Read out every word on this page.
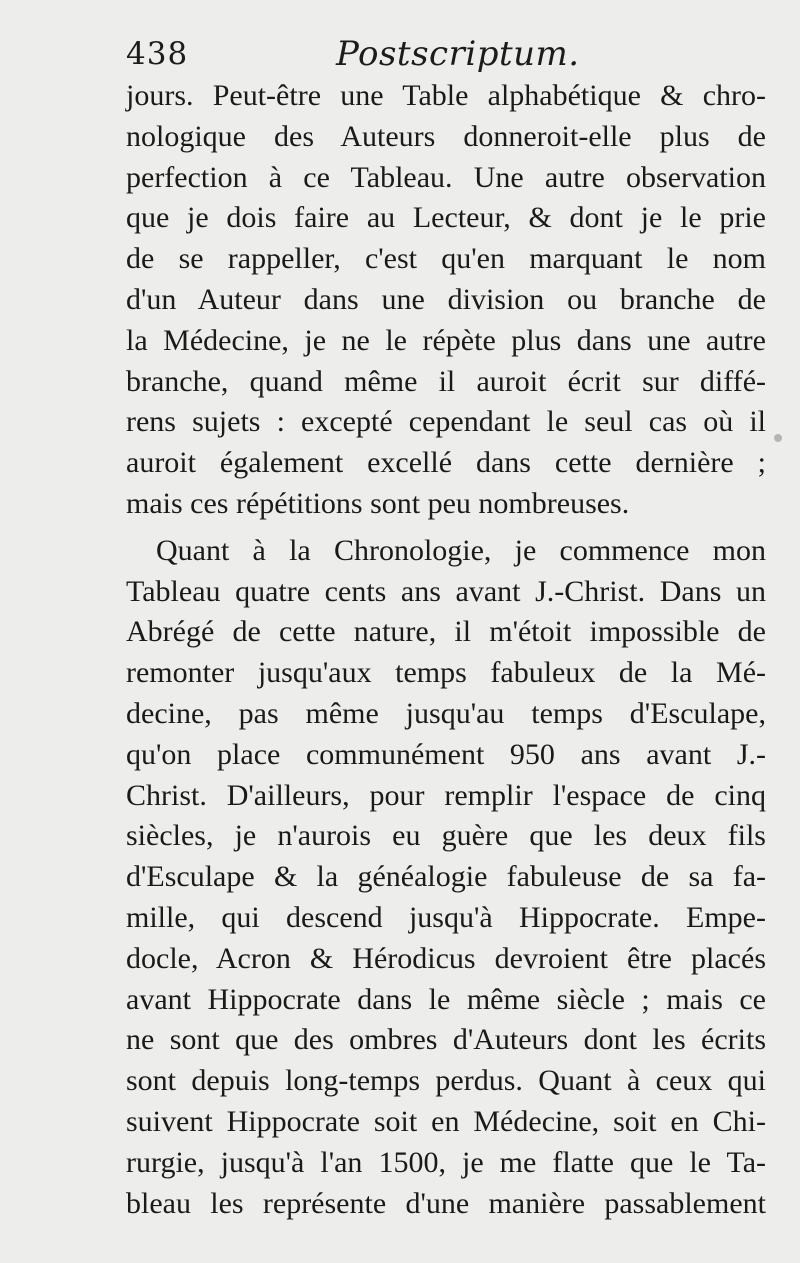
438	Postscriptum.
jours. Peut-être une Table alphabétique & chro-
nologique des Auteurs donneroit-elle plus de
perfection à ce Tableau. Une autre observation
que je dois faire au Lecteur, & dont je le prie
de se rappeller, c'est qu'en marquant le nom
d'un Auteur dans une division ou branche de
la Médecine, je ne le répète plus dans une autre
branche, quand même il auroit écrit sur diffé-
rens sujets : excepté cependant le seul cas où il
auroit également excellé dans cette dernière ;
mais ces répétitions sont peu nombreuses.
Quant à la Chronologie, je commence mon
Tableau quatre cents ans avant J.-Christ. Dans un
Abrégé de cette nature, il m'étoit impossible de
remonter jusqu'aux temps fabuleux de la Mé-
decine, pas même jusqu'au temps d'Esculape,
qu'on place communément 950 ans avant J.-
Christ. D'ailleurs, pour remplir l'espace de cinq
siècles, je n'aurois eu guère que les deux fils
d'Esculape & la généalogie fabuleuse de sa fa-
mille, qui descend jusqu'à Hippocrate. Empe-
docle, Acron & Hérodicus devroient être placés
avant Hippocrate dans le même siècle ; mais ce
ne sont que des ombres d'Auteurs dont les écrits
sont depuis long-temps perdus. Quant à ceux qui
suivent Hippocrate soit en Médecine, soit en Chi-
rurgie, jusqu'à l'an 1500, je me flatte que le Ta-
bleau les représente d'une manière passablement
